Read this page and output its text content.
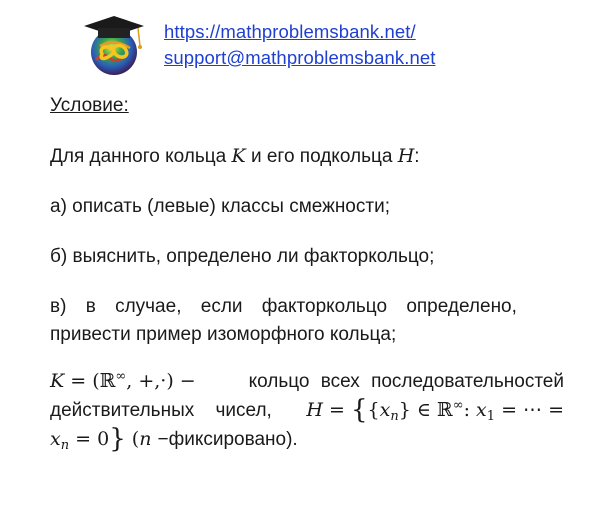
https://mathproblemsbank.net/
support@mathproblemsbank.net

Условие:

Для данного кольца K и его подкольца H:

а) описать (левые) классы смежности;

б) выяснить, определено ли факторкольцо;

в) в случае, если факторкольцо определено,

привести пример изоморфного кольца;

K = (ℝ∞, +,·) −	кольцо всех последовательностей

действительных чисел, $H = \{\{x_n\}$ ∈ ℝ∞: $x_1$ = ⋯ =

$x_n = 0$} (n −фиксировано).
